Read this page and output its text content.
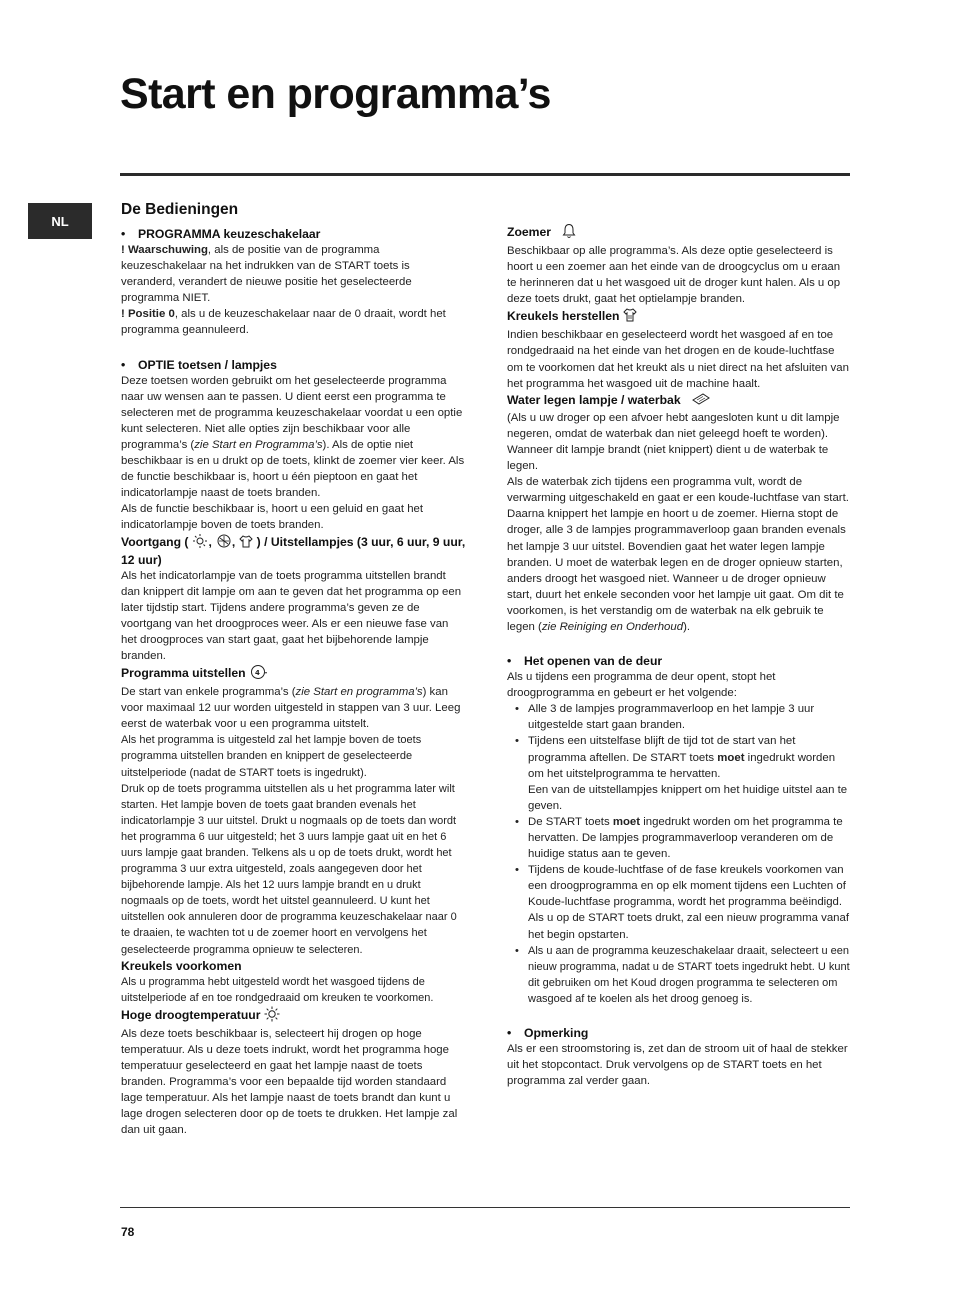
Start en programma’s
NL
De Bedieningen
• PROGRAMMA keuzeschakelaar

! Waarschuwing, als de positie van de programma keuzeschakelaar na het indrukken van de START toets is veranderd, verandert de nieuwe positie het geselecteerde programma NIET.

! Positie 0, als u de keuzeschakelaar naar de 0 draait, wordt het programma geannuleerd.

• OPTIE toetsen / lampjes

Deze toetsen worden gebruikt om het geselecteerde programma naar uw wensen aan te passen. U dient eerst een programma te selecteren met de programma keuzeschakelaar voordat u een optie kunt selecteren. Niet alle opties zijn beschikbaar voor alle programma’s (zie Start en Programma’s). Als de optie niet beschikbaar is en u drukt op de toets, klinkt de zoemer vier keer. Als de functie beschikbaar is, hoort u één pieptoon en gaat het indicatorlampje naast de toets branden.

Als de functie beschikbaar is, hoort u een geluid en gaat het indicatorlampje boven de toets branden.

Voortgang ( , , ) / Uitstellampjes (3 uur, 6 uur, 9 uur, 12 uur)

Als het indicatorlampje van de toets programma uitstellen brandt dan knippert dit lampje om aan te geven dat het programma op een later tijdstip start. Tijdens andere programma’s geven ze de voortgang van het droogproces weer. Als er een nieuwe fase van het droogproces van start gaat, gaat het bijbehorende lampje branden.

Programma uitstellen 4

De start van enkele programma’s (zie Start en programma’s) kan voor maximaal 12 uur worden uitgesteld in stappen van 3 uur. Leeg eerst de waterbak voor u een programma uitstelt.

Als het programma is uitgesteld zal het lampje boven de toets programma uitstellen branden en knippert de geselecteerde uitstelperiode (nadat de START toets is ingedrukt).

Druk op de toets programma uitstellen als u het programma later wilt starten. Het lampje boven de toets gaat branden evenals het indicatorlampje 3 uur uitstel. Drukt u nogmaals op de toets dan wordt het programma 6 uur uitgesteld; het 3 uurs lampje gaat uit en het 6 uurs lampje gaat branden. Telkens als u op de toets drukt, wordt het programma 3 uur extra uitgesteld, zoals aangegeven door het bijbehorende lampje. Als het 12 uurs lampje brandt en u drukt nogmaals op de toets, wordt het uitstel geannuleerd. U kunt het uitstellen ook annuleren door de programma keuzeschakelaar naar 0 te draaien, te wachten tot u de zoemer hoort en vervolgens het geselecteerde programma opnieuw te selecteren.

Kreukels voorkomen

Als u programma hebt uitgesteld wordt het wasgoed tijdens de uitstelperiode af en toe rondgedraaid om kreuken te voorkomen.

Hoge droogtemperatuur

Als deze toets beschikbaar is, selecteert hij drogen op hoge temperatuur. Als u deze toets indrukt, wordt het programma hoge temperatuur geselecteerd en gaat het lampje naast de toets branden. Programma’s voor een bepaalde tijd worden standaard lage temperatuur. Als het lampje naast de toets brandt dan kunt u lage drogen selecteren door op de toets te drukken. Het lampje zal dan uit gaan.

Zoemer

Beschikbaar op alle programma’s. Als deze optie geselecteerd is hoort u een zoemer aan het einde van de droogcyclus om u eraan te herinneren dat u het wasgoed uit de droger kunt halen. Als u op deze toets drukt, gaat het optielampje branden.

Kreukels herstellen

Indien beschikbaar en geselecteerd wordt het wasgoed af en toe rondgedraaid na het einde van het drogen en de koude-luchtfase om te voorkomen dat het kreukt als u niet direct na het afsluiten van het programma het wasgoed uit de machine haalt.

Water legen lampje / waterbak

(Als u uw droger op een afvoer hebt aangesloten kunt u dit lampje negeren, omdat de waterbak dan niet geleegd hoeft te worden).

Wanneer dit lampje brandt (niet knippert) dient u de waterbak te legen.

Als de waterbak zich tijdens een programma vult, wordt de verwarming uitgeschakeld en gaat er een koude-luchtfase van start. Daarna knippert het lampje en hoort u de zoemer. Hierna stopt de droger, alle 3 de lampjes programmaverloop gaan branden evenals het lampje 3 uur uitstel. Bovendien gaat het water legen lampje branden. U moet de waterbak legen en de droger opnieuw starten, anders droogt het wasgoed niet. Wanneer u de droger opnieuw start, duurt het enkele seconden voor het lampje uit gaat. Om dit te voorkomen, is het verstandig om de waterbak na elk gebruik te legen (zie Reiniging en Onderhoud).

• Het openen van de deur

Als u tijdens een programma de deur opent, stopt het droogprogramma en gebeurt er het volgende:

• Alle 3 de lampjes programmaverloop en het lampje 3 uur uitgestelde start gaan branden.
• Tijdens een uitstelfase blijft de tijd tot de start van het programma aftellen. De START toets moet ingedrukt worden om het uitstelprogramma te hervatten.
Een van de uitstellampjes knippert om het huidige uitstel aan te geven.
• De START toets moet ingedrukt worden om het programma te hervatten. De lampjes programmaverloop veranderen om de huidige status aan te geven.
• Tijdens de koude-luchtfase of de fase kreukels voorkomen van een droogprogramma en op elk moment tijdens een Luchten of Koude-luchtfase programma, wordt het programma beëindigd. Als u op de START toets drukt, zal een nieuw programma vanaf het begin opstarten.
• Als u aan de programma keuzeschakelaar draait, selecteert u een nieuw programma, nadat u de START toets ingedrukt hebt. U kunt dit gebruiken om het Koud drogen programma te selecteren om wasgoed af te koelen als het droog genoeg is.
• Opmerking

Als er een stroomstoring is, zet dan de stroom uit of haal de stekker uit het stopcontact. Druk vervolgens op de START toets en het programma zal verder gaan.

78
